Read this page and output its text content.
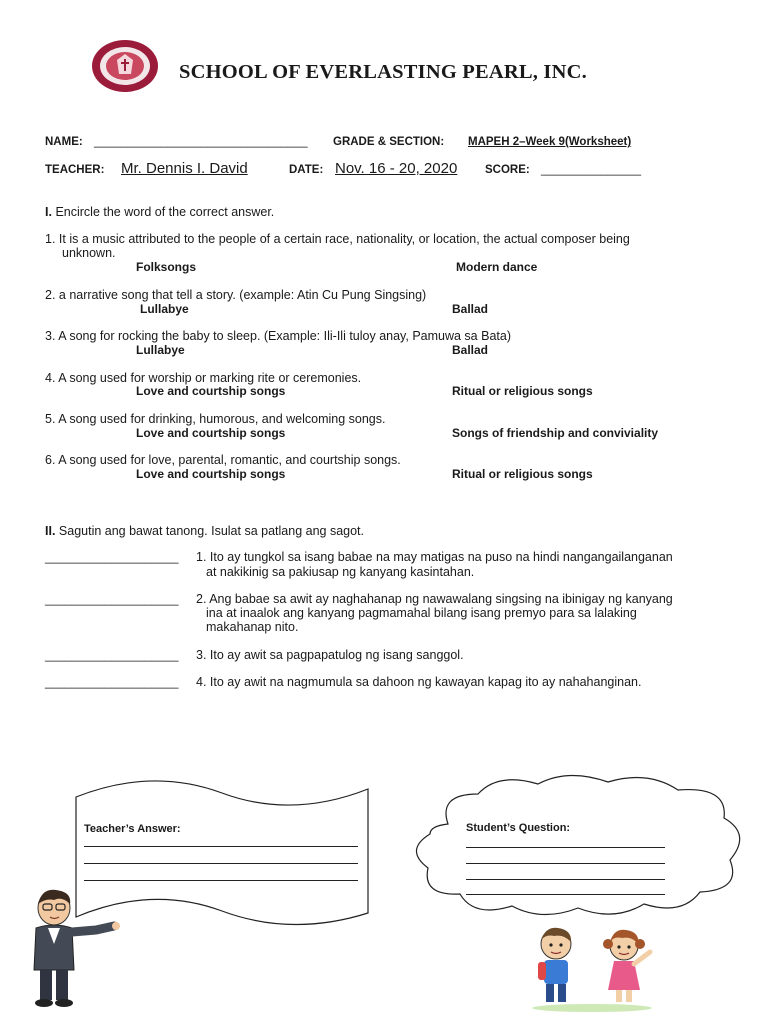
SCHOOL OF EVERLASTING PEARL, INC.
NAME: ________________________________ GRADE & SECTION: MAPEH 2–Week 9(Worksheet)
TEACHER: Mr. Dennis I. David	DATE: Nov. 16 - 20, 2020 SCORE: _______________
I. Encircle the word of the correct answer.
1. It is a music attributed to the people of a certain race, nationality, or location, the actual composer being
unknown.
Folksongs	Modern dance
2. a narrative song that tell a story. (example: Atin Cu Pung Singsing)
Lullabye	Ballad
3. A song for rocking the baby to sleep. (Example: Ili-Ili tuloy anay, Pamuwa sa Bata)
Lullabye	Ballad
4. A song used for worship or marking rite or ceremonies.
Love and courtship songs	Ritual or religious songs
5. A song used for drinking, humorous, and welcoming songs.
Love and courtship songs	Songs of friendship and conviviality
6. A song used for love, parental, romantic, and courtship songs.
Love and courtship songs	Ritual or religious songs
II. Sagutin ang bawat tanong. Isulat sa patlang ang sagot.
____________________ 1. Ito ay tungkol sa isang babae na may matigas na puso na hindi nangangailanganan
at nakikinig sa pakiusap ng kanyang kasintahan.
____________________ 2. Ang babae sa awit ay naghahanap ng nawawalang singsing na ibinigay ng kanyang
ina at inaalok ang kanyang pagmamahal bilang isang premyo para sa lalaking
makahanap nito.
____________________ 3. Ito ay awit sa pagpapatulog ng isang sanggol.
____________________ 4. Ito ay awit na nagmumula sa dahoon ng kawayan kapag ito ay nahahanginan.
Teacher’s Answer:	Student’s Question:
